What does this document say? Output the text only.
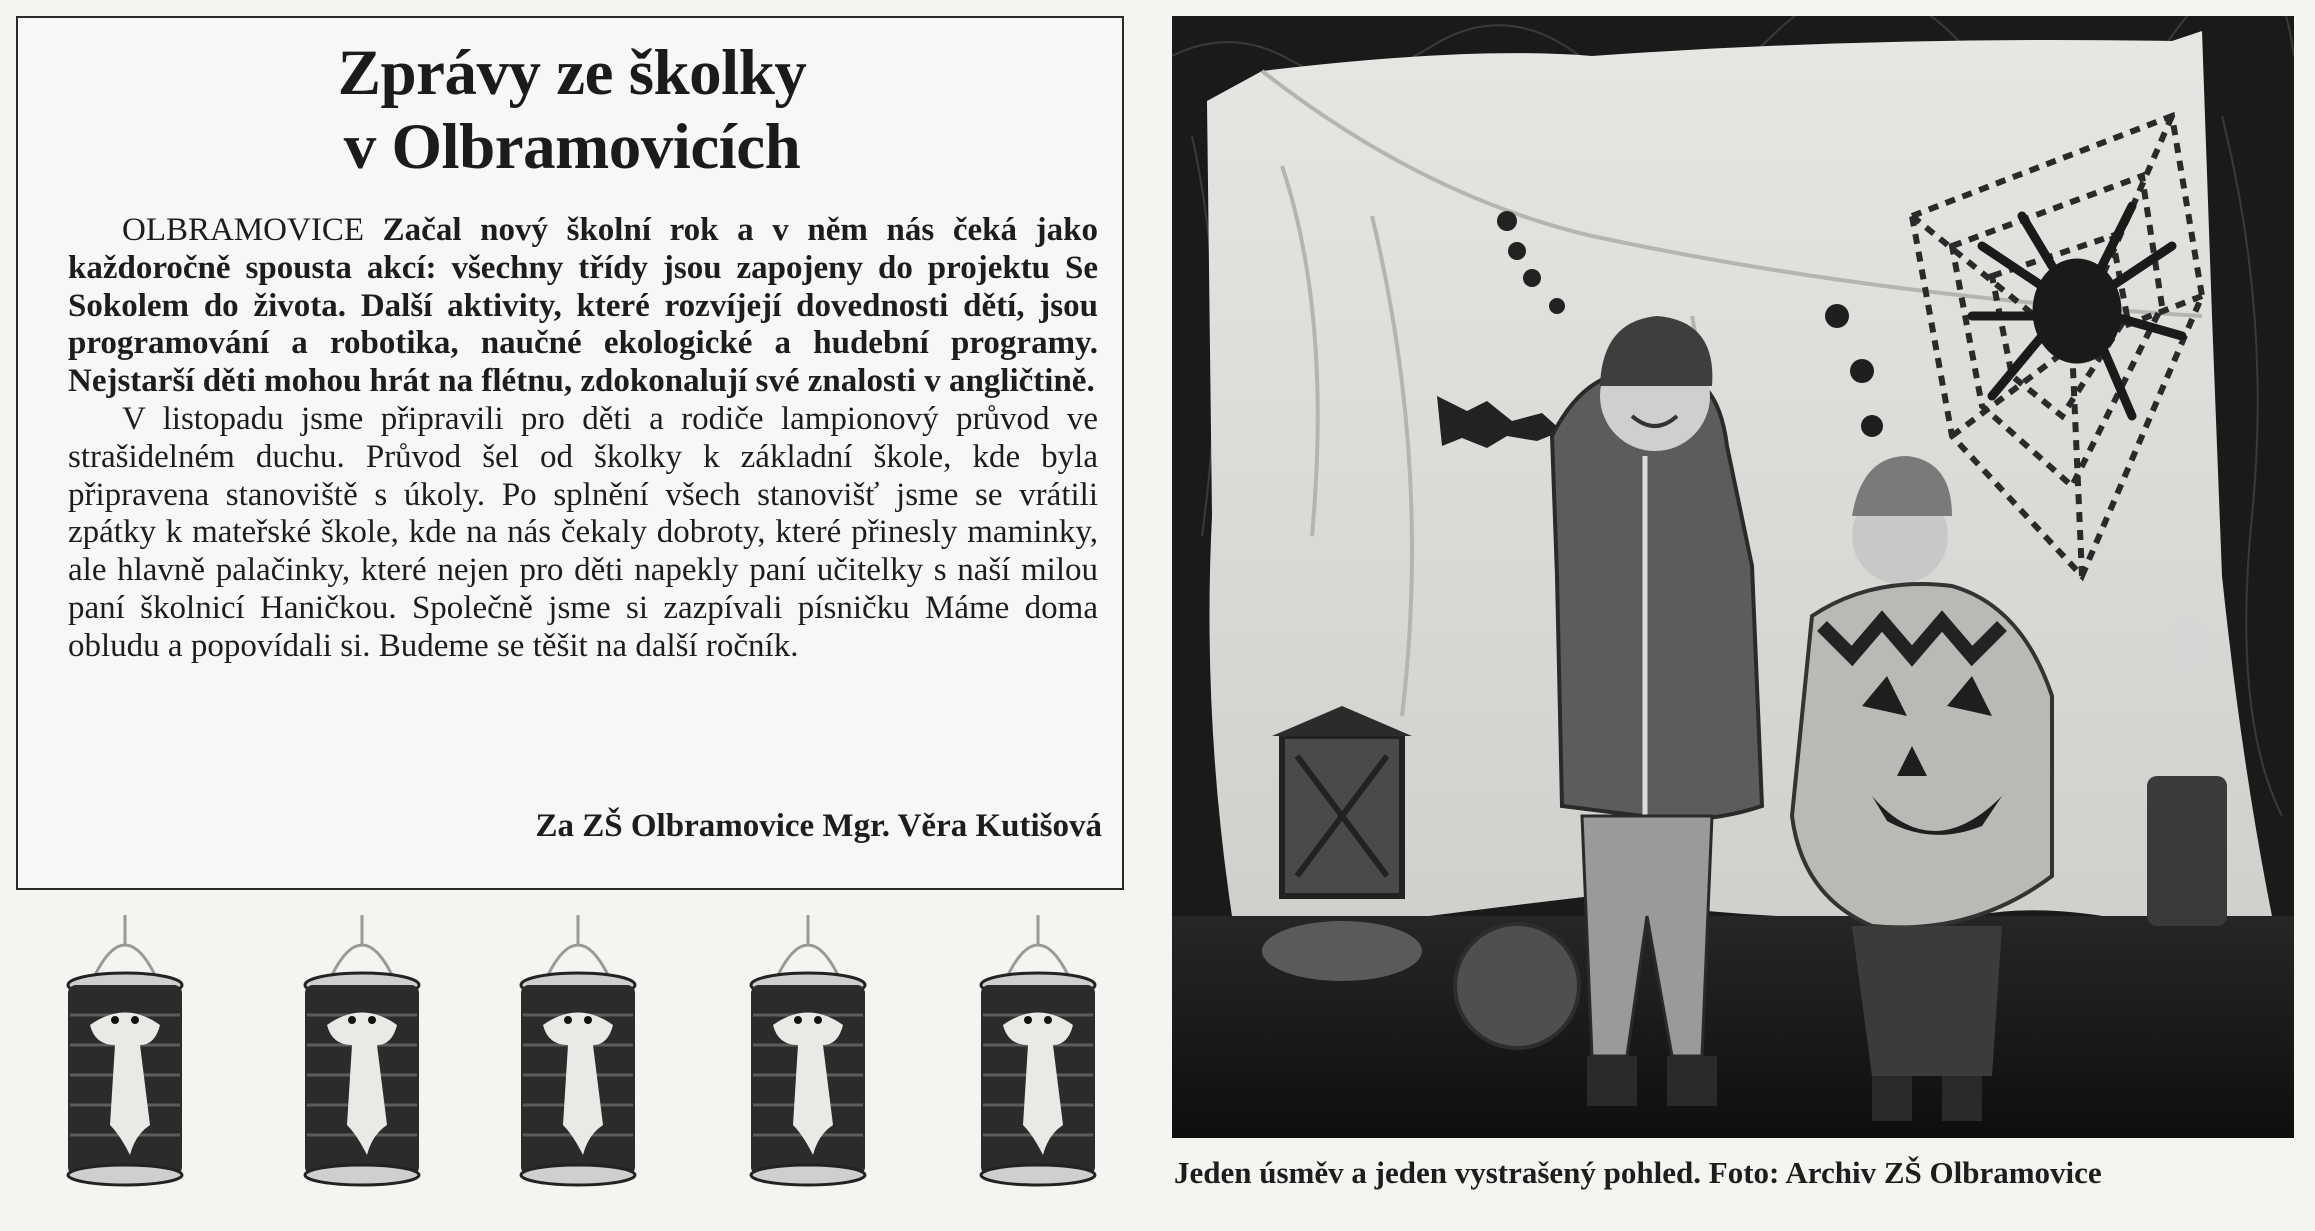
Zprávy ze školky
v Olbramovicích

OLBRAMOVICE Začal nový školní rok a v něm nás čeká jako každoročně spousta akcí: všechny třídy jsou zapojeny do projektu Se Sokolem do života. Další aktivity, které rozvíjejí dovednosti dětí, jsou programování a robotika, naučné ekologické a hudební programy. Nejstarší děti mohou hrát na flétnu, zdokonalují své znalosti v angličtině.

V listopadu jsme připravili pro děti a rodiče lampionový průvod ve strašidelném duchu. Průvod šel od školky k základní škole, kde byla připravena stanoviště s úkoly. Po splnění všech stanovišť jsme se vrátili zpátky k mateřské škole, kde na nás čekaly dobroty, které přinesly maminky, ale hlavně palačinky, které nejen pro děti napekly paní učitelky s naší milou paní školnicí Haničkou. Společně jsme si zazpívali písničku Máme doma obludu a popovídali si. Budeme se těšit na další ročník.

Za ZŠ Olbramovice Mgr. Věra Kutišová

Jeden úsměv a jeden vystrašený pohled. Foto: Archiv ZŠ Olbramovice
